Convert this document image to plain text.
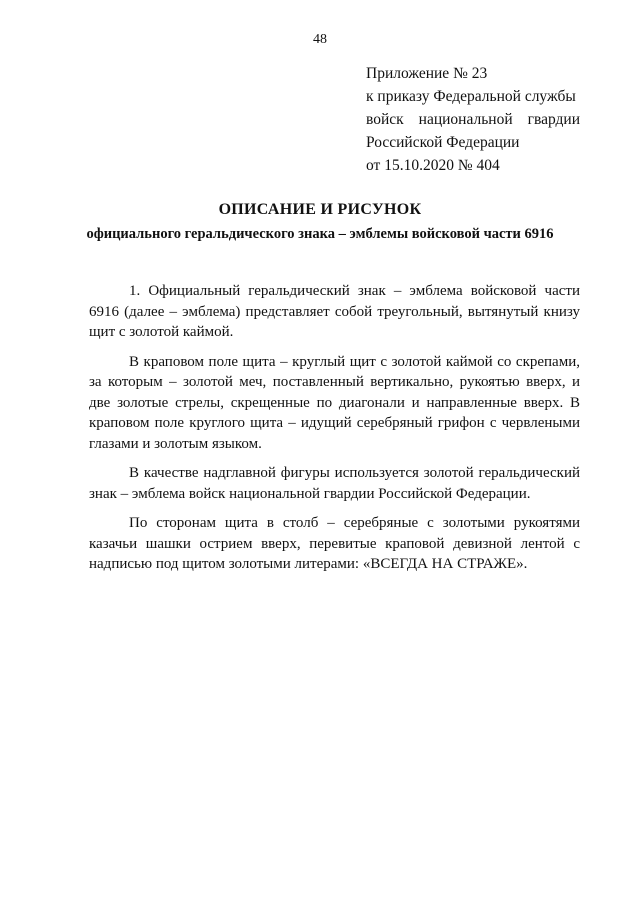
48
Приложение № 23
к приказу Федеральной службы
войск национальной гвардии
Российской Федерации
от 15.10.2020 № 404
ОПИСАНИЕ И РИСУНОК
официального геральдического знака – эмблемы войсковой части 6916

1. Официальный геральдический знак – эмблема войсковой части 6916 (далее – эмблема) представляет собой треугольный, вытянутый книзу щит с золотой каймой.

В краповом поле щита – круглый щит с золотой каймой со скрепами, за которым – золотой меч, поставленный вертикально, рукоятью вверх, и две золотые стрелы, скрещенные по диагонали и направленные вверх. В краповом поле круглого щита – идущий серебряный грифон с червлеными глазами и золотым языком.

В качестве надглавной фигуры используется золотой геральдический знак – эмблема войск национальной гвардии Российской Федерации.

По сторонам щита в столб – серебряные с золотыми рукоятями казачьи шашки острием вверх, перевитые краповой девизной лентой с надписью под щитом золотыми литерами: «ВСЕГДА НА СТРАЖЕ».
